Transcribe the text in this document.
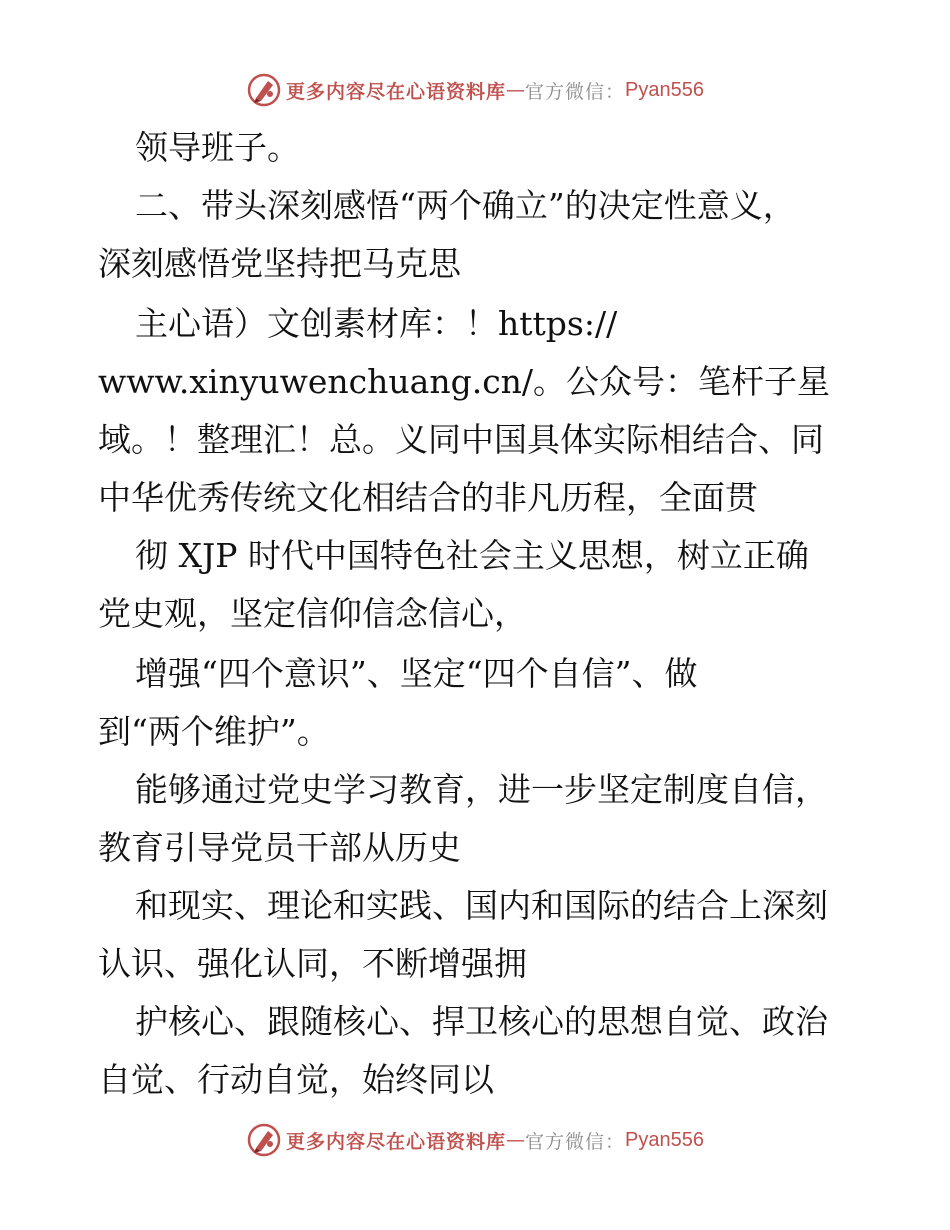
更多内容尽在心语资料库 — 官方微信： Pyan556
领导班子。
二、带头深刻感悟“两个确立”的决定性意义，
深刻感悟党坚持把马克思
主心语）文创素材库：！https://
www.xinyuwenchuang.cn/。公众号：笔杆子星
域。！整理汇！总。义同中国具体实际相结合、同
中华优秀传统文化相结合的非凡历程，全面贯
彻 XJP 时代中国特色社会主义思想，树立正确
党史观，坚定信仰信念信心，
增强“四个意识”、坚定“四个自信”、做
到“两个维护”。
能够通过党史学习教育，进一步坚定制度自信，
教育引导党员干部从历史
和现实、理论和实践、国内和国际的结合上深刻
认识、强化认同，不断增强拥
护核心、跟随核心、捍卫核心的思想自觉、政治
自觉、行动自觉，始终同以
更多内容尽在心语资料库 — 官方微信： Pyan556
